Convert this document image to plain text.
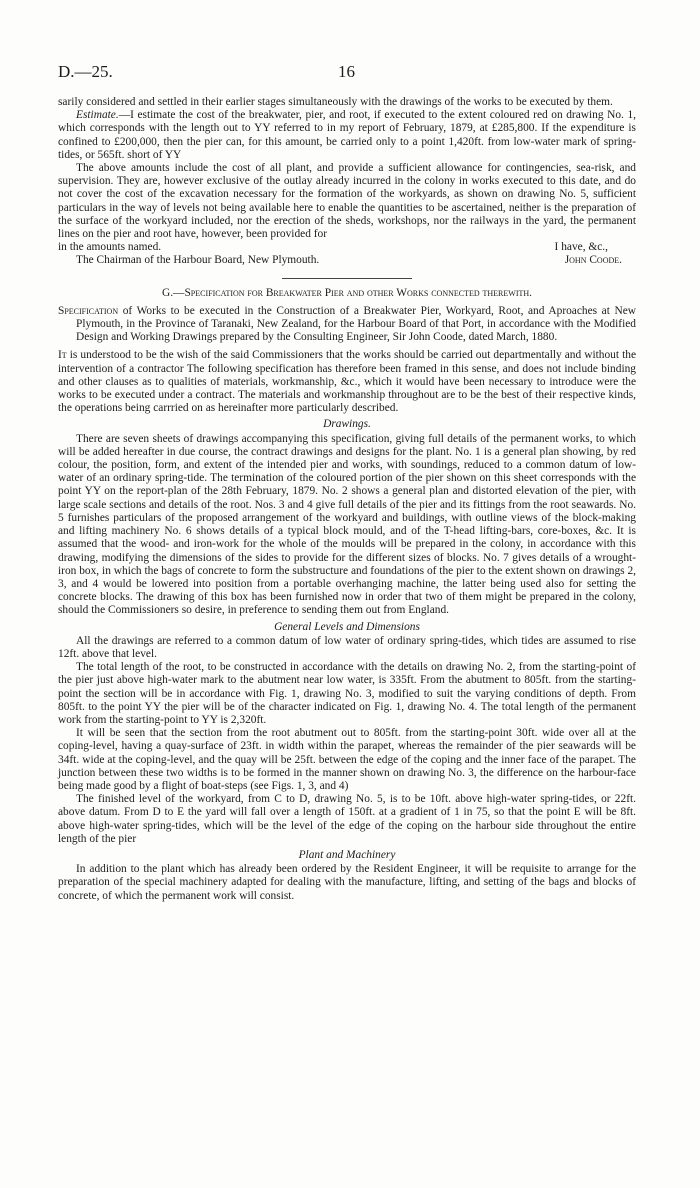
D.—25.	16

sarily considered and settled in their earlier stages simultaneously with the drawings of the works to be executed by them.

Estimate.—I estimate the cost of the breakwater, pier, and root, if executed to the extent coloured red on drawing No. 1, which corresponds with the length out to YY referred to in my report of February, 1879, at £285,800. If the expenditure is confined to £200,000, then the pier can, for this amount, be carried only to a point 1,420ft. from low-water mark of spring-tides, or 565ft. short of YY

The above amounts include the cost of all plant, and provide a sufficient allowance for contingencies, sea-risk, and supervision. They are, however exclusive of the outlay already incurred in the colony in works executed to this date, and do not cover the cost of the excavation necessary for the formation of the workyards, as shown on drawing No. 5, sufficient particulars in the way of levels not being available here to enable the quantities to be ascertained, neither is the preparation of the surface of the workyard included, nor the erection of the sheds, workshops, nor the railways in the yard, the permanent lines on the pier and root have, however, been provided for

in the amounts named.	I have, &c.,
The Chairman of the Harbour Board, New Plymouth.	John Coode.

G.—Specification for Breakwater Pier and other Works connected therewith.

Specification of Works to be executed in the Construction of a Breakwater Pier, Workyard, Root, and Aproaches at New Plymouth, in the Province of Taranaki, New Zealand, for the Harbour Board of that Port, in accordance with the Modified Design and Working Drawings prepared by the Consulting Engineer, Sir John Coode, dated March, 1880.

It is understood to be the wish of the said Commissioners that the works should be carried out departmentally and without the intervention of a contractor The following specification has therefore been framed in this sense, and does not include binding and other clauses as to qualities of materials, workmanship, &c., which it would have been necessary to introduce were the works to be executed under a contract. The materials and workmanship throughout are to be the best of their respective kinds, the operations being carrried on as hereinafter more particularly described.

Drawings.

There are seven sheets of drawings accompanying this specification, giving full details of the permanent works, to which will be added hereafter in due course, the contract drawings and designs for the plant. No. 1 is a general plan showing, by red colour, the position, form, and extent of the intended pier and works, with soundings, reduced to a common datum of low-water of an ordinary spring-tide. The termination of the coloured portion of the pier shown on this sheet corresponds with the point YY on the report-plan of the 28th February, 1879. No. 2 shows a general plan and distorted elevation of the pier, with large scale sections and details of the root. Nos. 3 and 4 give full details of the pier and its fittings from the root seawards. No. 5 furnishes particulars of the proposed arrangement of the workyard and buildings, with outline views of the block-making and lifting machinery No. 6 shows details of a typical block mould, and of the T-head lifting-bars, core-boxes, &c. It is assumed that the wood- and iron-work for the whole of the moulds will be prepared in the colony, in accordance with this drawing, modifying the dimensions of the sides to provide for the different sizes of blocks. No. 7 gives details of a wrought-iron box, in which the bags of concrete to form the substructure and foundations of the pier to the extent shown on drawings 2, 3, and 4 would be lowered into position from a portable overhanging machine, the latter being used also for setting the concrete blocks. The drawing of this box has been furnished now in order that two of them might be prepared in the colony, should the Commissioners so desire, in preference to sending them out from England.

General Levels and Dimensions

All the drawings are referred to a common datum of low water of ordinary spring-tides, which tides are assumed to rise 12ft. above that level.

The total length of the root, to be constructed in accordance with the details on drawing No. 2, from the starting-point of the pier just above high-water mark to the abutment near low water, is 335ft. From the abutment to 805ft. from the starting-point the section will be in accordance with Fig. 1, drawing No. 3, modified to suit the varying conditions of depth. From 805ft. to the point YY the pier will be of the character indicated on Fig. 1, drawing No. 4. The total length of the permanent work from the starting-point to YY is 2,320ft.

It will be seen that the section from the root abutment out to 805ft. from the starting-point 30ft. wide over all at the coping-level, having a quay-surface of 23ft. in width within the parapet, whereas the remainder of the pier seawards will be 34ft. wide at the coping-level, and the quay will be 25ft. between the edge of the coping and the inner face of the parapet. The junction between these two widths is to be formed in the manner shown on drawing No. 3, the difference on the harbour-face being made good by a flight of boat-steps (see Figs. 1, 3, and 4)

The finished level of the workyard, from C to D, drawing No. 5, is to be 10ft. above high-water spring-tides, or 22ft. above datum. From D to E the yard will fall over a length of 150ft. at a gradient of 1 in 75, so that the point E will be 8ft. above high-water spring-tides, which will be the level of the edge of the coping on the harbour side throughout the entire length of the pier

Plant and Machinery

In addition to the plant which has already been ordered by the Resident Engineer, it will be requisite to arrange for the preparation of the special machinery adapted for dealing with the manufacture, lifting, and setting of the bags and blocks of concrete, of which the permanent work will consist.
